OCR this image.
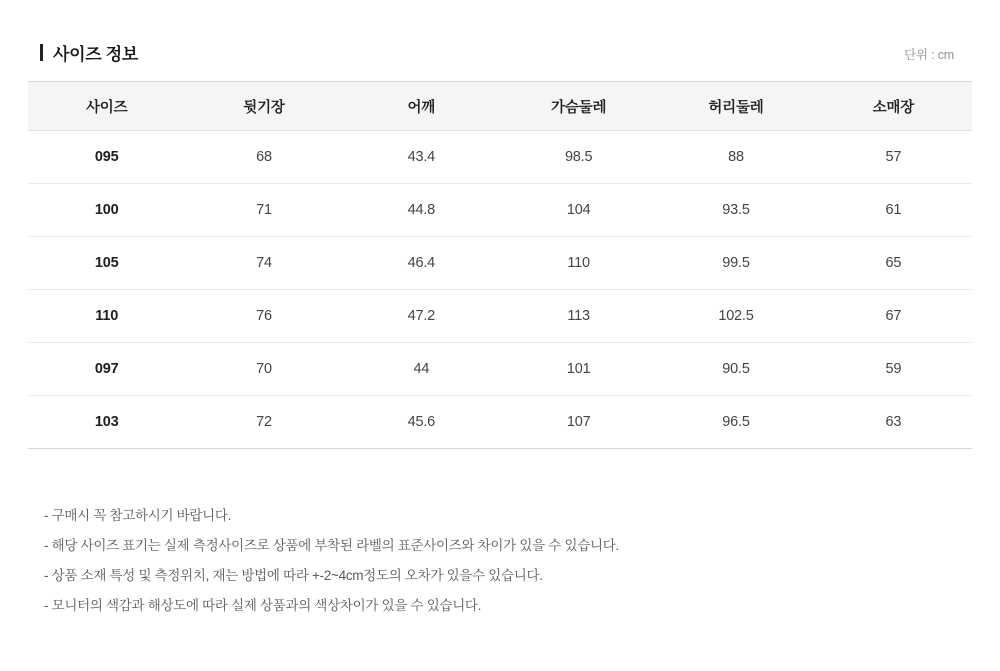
사이즈 정보	단위 : cm
사이즈	뒷기장	어깨	가슴둘레	허리둘레	소매장
095	68	43.4	98.5	88	57
100	71	44.8	104	93.5	61
105	74	46.4	110	99.5	65
110	76	47.2	113	102.5	67
097	70	44	101	90.5	59
103	72	45.6	107	96.5	63
- 구매시 꼭 참고하시기 바랍니다.
- 해당 사이즈 표기는 실제 측정사이즈로 상품에 부착된 라벨의 표준사이즈와 차이가 있을 수 있습니다.
- 상품 소재 특성 및 측정위치, 재는 방법에 따라 +-2~4cm정도의 오차가 있을수 있습니다.
- 모니터의 색감과 해상도에 따라 실제 상품과의 색상차이가 있을 수 있습니다.
